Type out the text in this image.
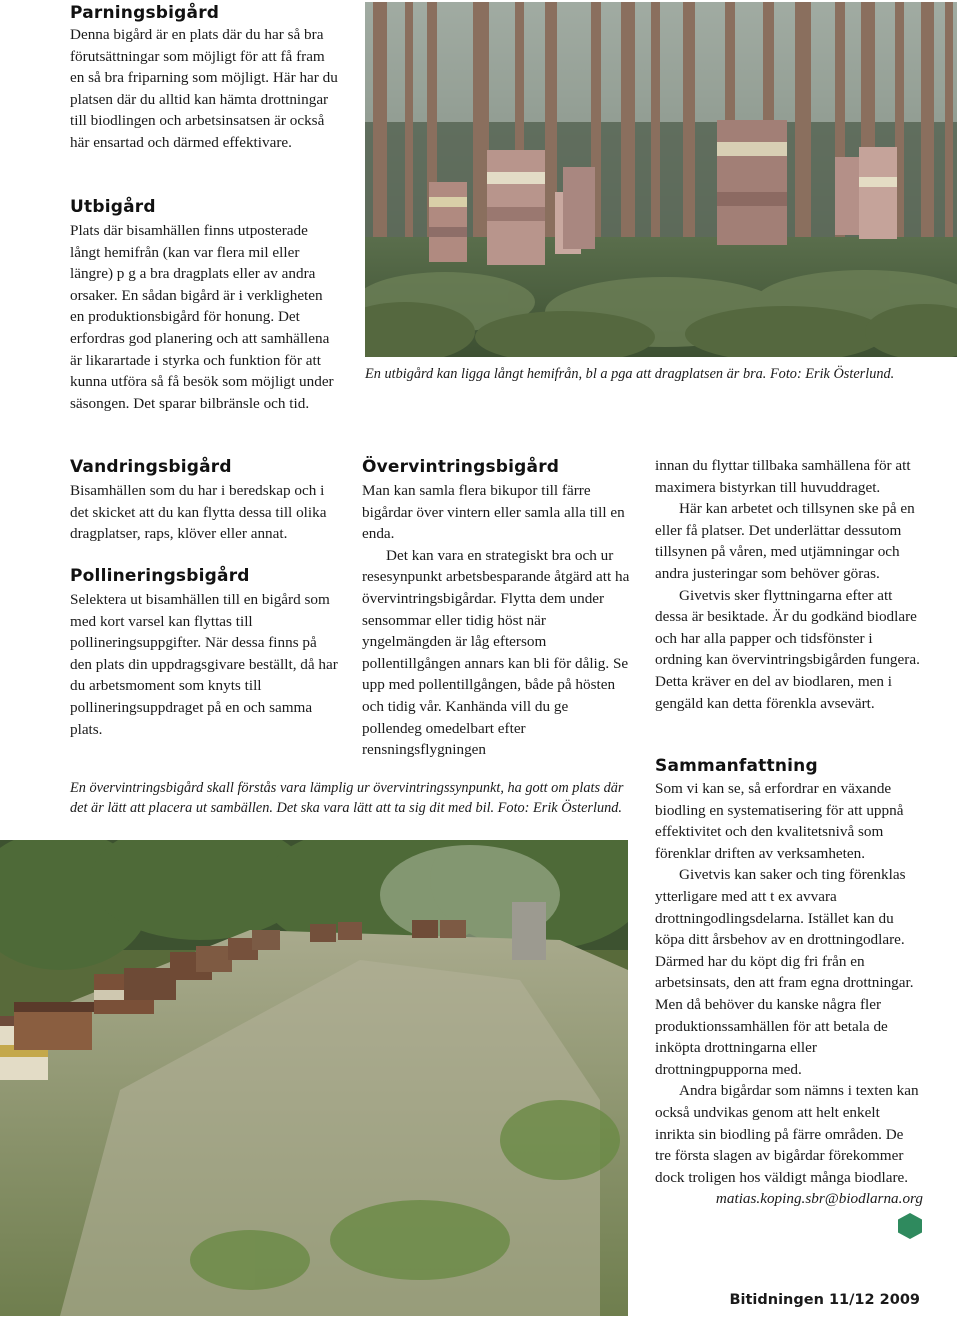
Parningsbigård

Denna bigård är en plats där du har så bra förutsättningar som möjligt för att få fram en så bra friparning som möjligt. Här har du platsen där du alltid kan hämta drottningar till biodlingen och arbetsinsatsen är också här ensartad och därmed effektivare.

Utbigård

Plats där bisamhällen finns utposterade långt hemifrån (kan var flera mil eller längre) p g a bra dragplats eller av andra orsaker. En sådan bigård är i verkligheten en produktionsbigård för honung. Det erfordras god planering och att samhällena är likarartade i styrka och funktion för att kunna utföra så få besök som möjligt under säsongen. Det sparar bilbränsle och tid.

En utbigård kan ligga långt hemifrån, bl a pga att dragplatsen är bra. Foto: Erik Österlund.
Vandringsbigård

Bisamhällen som du har i beredskap och i det skicket att du kan flytta dessa till olika dragplatser, raps, klöver eller annat.

Pollineringsbigård

Selektera ut bisamhällen till en bigård som med kort varsel kan flyttas till pollineringsuppgifter. När dessa finns på den plats din uppdragsgivare beställt, då har du arbetsmoment som knyts till pollineringsuppdraget på en och samma plats.

Övervintringsbigård

Man kan samla flera bikupor till färre bigårdar över vintern eller samla alla till en enda.

Det kan vara en strategiskt bra och ur resesynpunkt arbetsbesparande åtgärd att ha övervintringsbigårdar. Flytta dem under sensommar eller tidig höst när yngelmängden är låg eftersom pollentillgången annars kan bli för dålig. Se upp med pollentillgången, både på hösten och tidig vår. Kanhända vill du ge pollendeg omedelbart efter rensningsflygningen

innan du flyttar tillbaka samhällena för att maximera bistyrkan till huvuddraget.

Här kan arbetet och tillsynen ske på en eller få platser. Det underlättar dessutom tillsynen på våren, med utjämningar och andra justeringar som behöver göras.

Givetvis sker flyttningarna efter att dessa är besiktade. Är du godkänd biodlare och har alla papper och tidsfönster i ordning kan övervintringsbigården fungera. Detta kräver en del av biodlaren, men i gengäld kan detta förenkla avsevärt.

En övervintringsbigård skall förstås vara lämplig ur övervintringssynpunkt, ha gott om plats där det är lätt att placera ut sambällen. Det ska vara lätt att ta sig dit med bil. Foto: Erik Österlund.
Sammanfattning

Som vi kan se, så erfordrar en växande biodling en systematisering för att uppnå effektivitet och den kvalitetsnivå som förenklar driften av verksamheten.

Givetvis kan saker och ting förenklas ytterligare med att t ex avvara drottningodlingsdelarna. Istället kan du köpa ditt årsbehov av en drottningodlare. Därmed har du köpt dig fri från en arbetsinsats, den att fram egna drottningar. Men då behöver du kanske några fler produktionssamhällen för att betala de inköpta drottningarna eller drottningpupporna med.

Andra bigårdar som nämns i texten kan också undvikas genom att helt enkelt inrikta sin biodling på färre områden. De tre första slagen av bigårdar förekommer dock troligen hos väldigt många biodlare.

matias.koping.sbr@biodlarna.org

Bitidningen 11/12 2009
